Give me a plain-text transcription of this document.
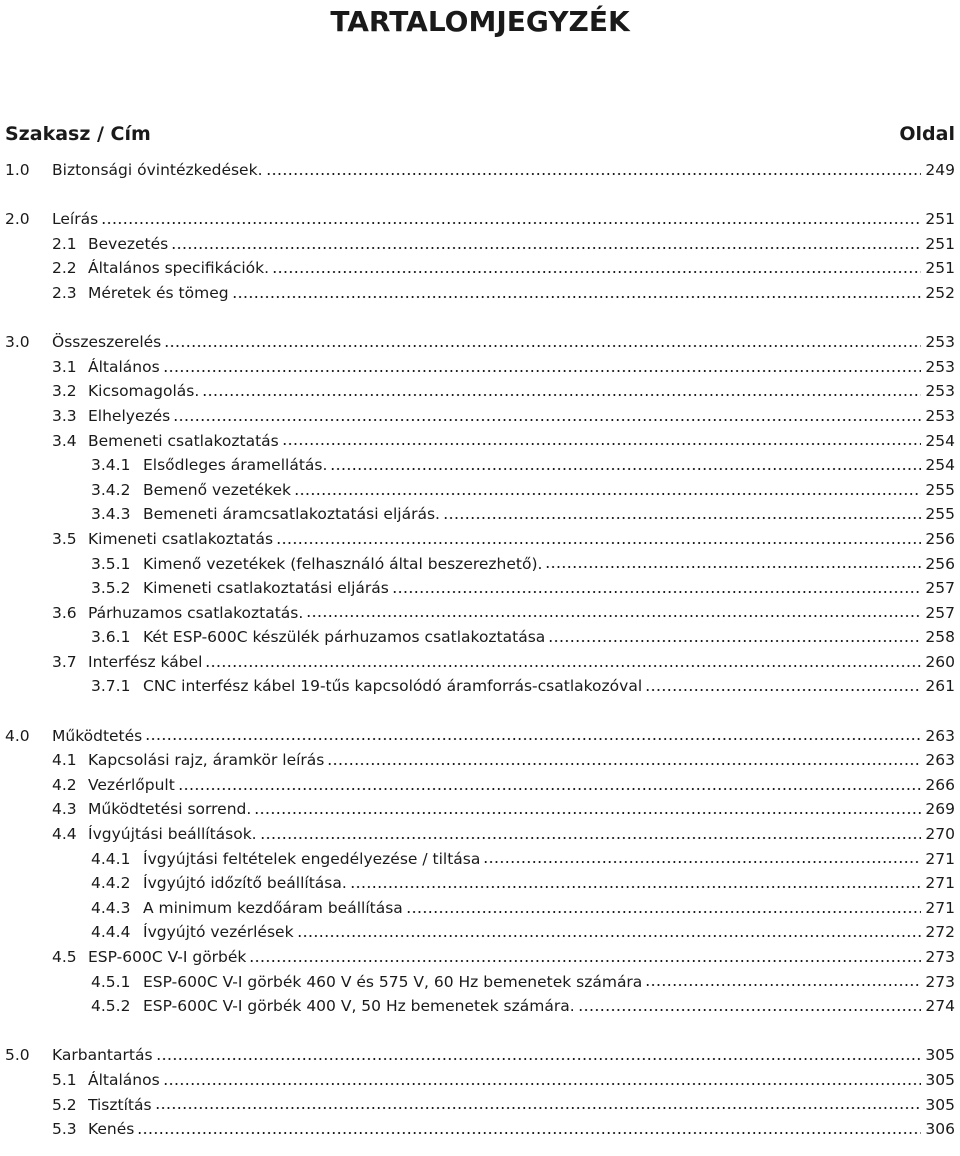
TARTALOMJEGYZÉK
Szakasz / Cím	Oldal
1.0	Biztonsági óvintézkedések.	249
2.0	Leírás	251
2.1 Bevezetés	251
2.2 Általános specifikációk.	251
2.3 Méretek és tömeg	252
3.0	Összeszerelés	253
3.1 Általános	253
3.2 Kicsomagolás.	253
3.3 Elhelyezés	253
3.4 Bemeneti csatlakoztatás	254
3.4.1 Elsődleges áramellátás.	254
3.4.2 Bemenő vezetékek	255
3.4.3 Bemeneti áramcsatlakoztatási eljárás.	255
3.5 Kimeneti csatlakoztatás	256
3.5.1 Kimenő vezetékek (felhasználó által beszerezhető).	256
3.5.2 Kimeneti csatlakoztatási eljárás	257
3.6 Párhuzamos csatlakoztatás.	257
3.6.1 Két ESP-600C készülék párhuzamos csatlakoztatása	258
3.7 Interfész kábel	260
3.7.1 CNC interfész kábel 19-tűs kapcsolódó áramforrás-csatlakozóval	261
4.0	Működtetés	263
4.1 Kapcsolási rajz, áramkör leírás	263
4.2 Vezérlőpult	266
4.3 Működtetési sorrend.	269
4.4 Ívgyújtási beállítások.	270
4.4.1 Ívgyújtási feltételek engedélyezése / tiltása	271
4.4.2 Ívgyújtó időzítő beállítása.	271
4.4.3 A minimum kezdőáram beállítása	271
4.4.4 Ívgyújtó vezérlések	272
4.5 ESP-600C V-I görbék	273
4.5.1 ESP-600C V-I görbék 460 V és 575 V, 60 Hz bemenetek számára	273
4.5.2 ESP-600C V-I görbék 400 V, 50 Hz bemenetek számára.	274
5.0	Karbantartás	305
5.1 Általános	305
5.2 Tisztítás	305
5.3 Kenés	306
